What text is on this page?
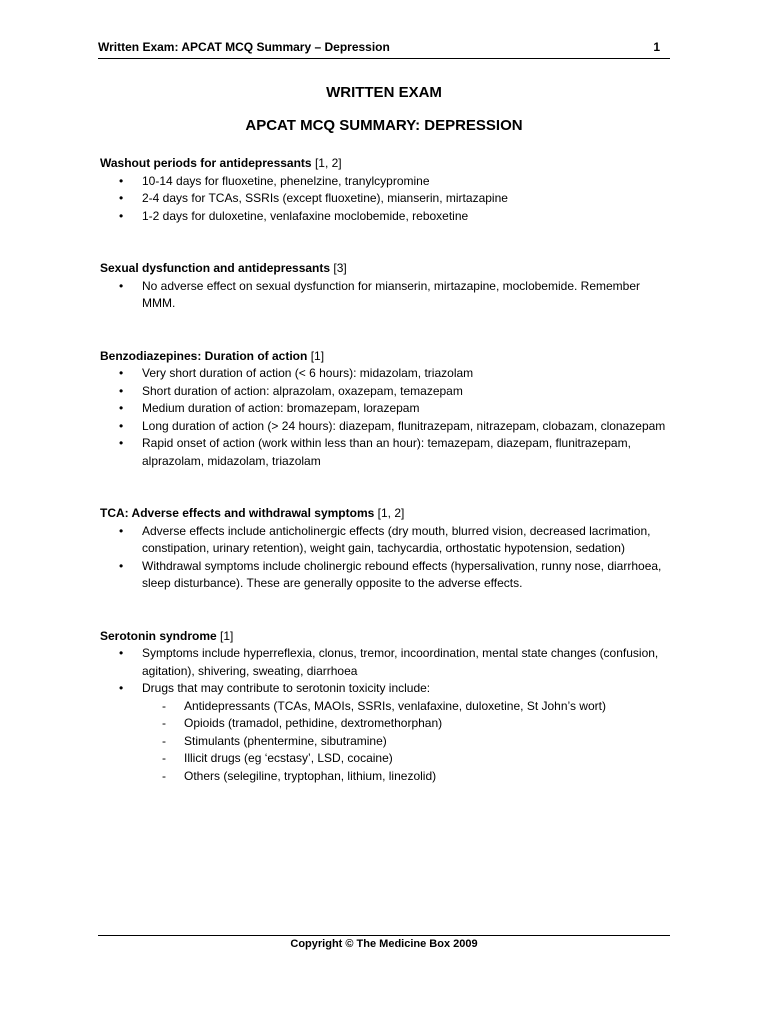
Written Exam: APCAT MCQ Summary – Depression	1
WRITTEN EXAM
APCAT MCQ SUMMARY: DEPRESSION
Washout periods for antidepressants [1, 2]
• 10-14 days for fluoxetine, phenelzine, tranylcypromine
• 2-4 days for TCAs, SSRIs (except fluoxetine), mianserin, mirtazapine
• 1-2 days for duloxetine, venlafaxine moclobemide, reboxetine
Sexual dysfunction and antidepressants [3]
• No adverse effect on sexual dysfunction for mianserin, mirtazapine, moclobemide. Remember MMM.
Benzodiazepines: Duration of action [1]
• Very short duration of action (< 6 hours): midazolam, triazolam
• Short duration of action: alprazolam, oxazepam, temazepam
• Medium duration of action: bromazepam, lorazepam
• Long duration of action (> 24 hours): diazepam, flunitrazepam, nitrazepam, clobazam, clonazepam
• Rapid onset of action (work within less than an hour): temazepam, diazepam, flunitrazepam, alprazolam, midazolam, triazolam
TCA: Adverse effects and withdrawal symptoms [1, 2]
• Adverse effects include anticholinergic effects (dry mouth, blurred vision, decreased lacrimation, constipation, urinary retention), weight gain, tachycardia, orthostatic hypotension, sedation)
• Withdrawal symptoms include cholinergic rebound effects (hypersalivation, runny nose, diarrhoea, sleep disturbance). These are generally opposite to the adverse effects.
Serotonin syndrome [1]
• Symptoms include hyperreflexia, clonus, tremor, incoordination, mental state changes (confusion, agitation), shivering, sweating, diarrhoea
• Drugs that may contribute to serotonin toxicity include:
- Antidepressants (TCAs, MAOIs, SSRIs, venlafaxine, duloxetine, St John’s wort)
- Opioids (tramadol, pethidine, dextromethorphan)
- Stimulants (phentermine, sibutramine)
- Illicit drugs (eg ‘ecstasy’, LSD, cocaine)
- Others (selegiline, tryptophan, lithium, linezolid)
Copyright © The Medicine Box 2009
